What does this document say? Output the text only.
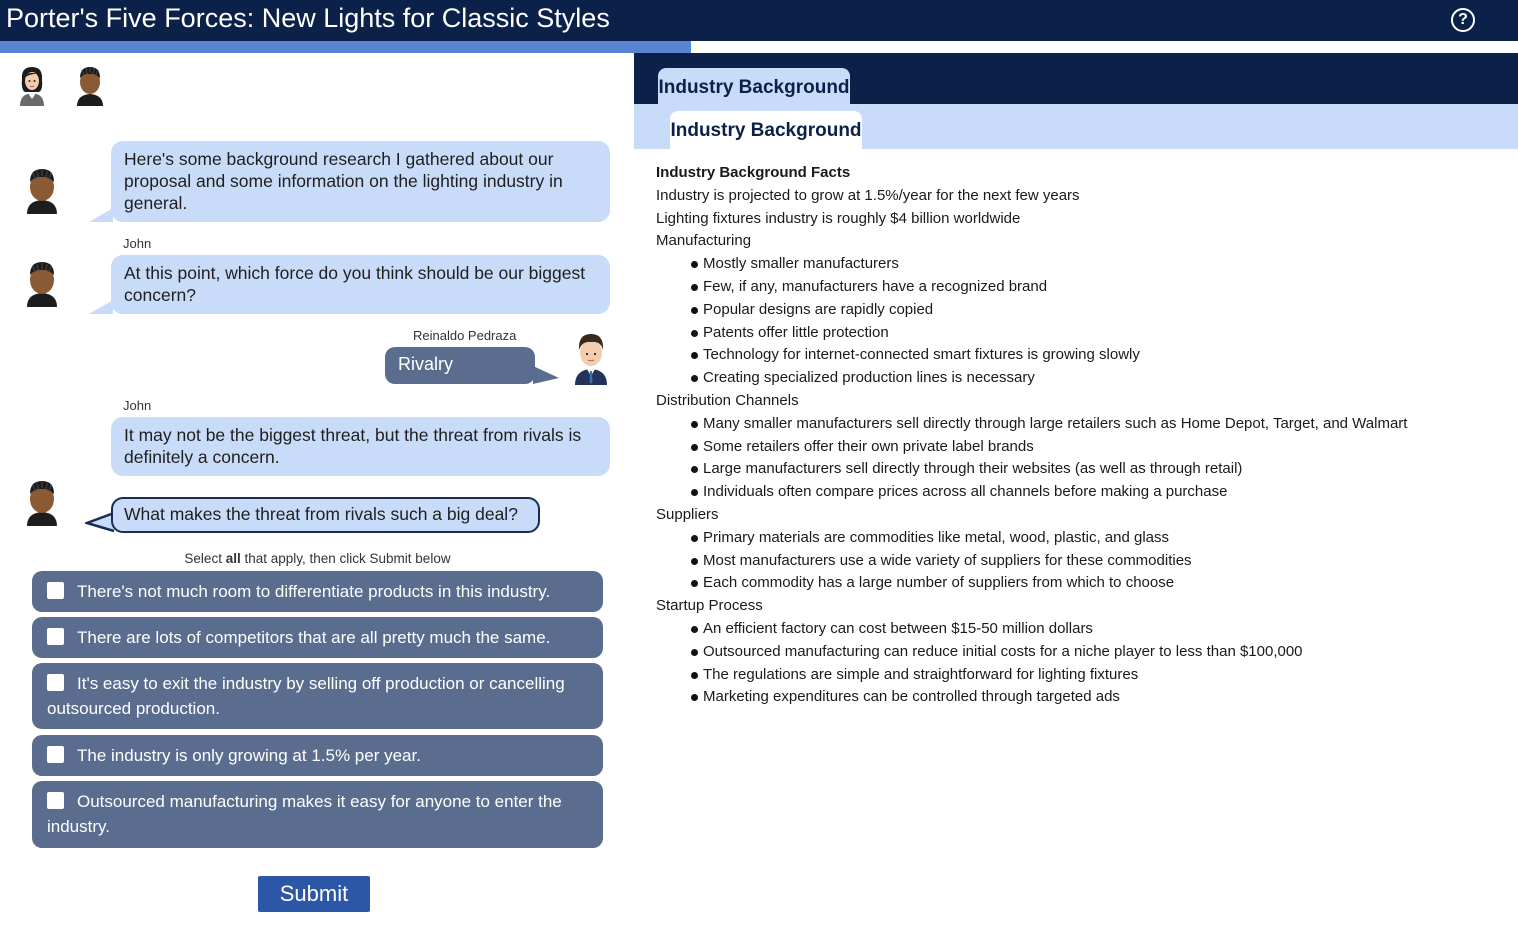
Porter's Five Forces: New Lights for Classic Styles	?
Here's some background research I gathered about our proposal and some information on the lighting industry in general.
John
At this point, which force do you think should be our biggest concern?
Reinaldo Pedraza
Rivalry
John
It may not be the biggest threat, but the threat from rivals is definitely a concern.
What makes the threat from rivals such a big deal?
Select all that apply, then click Submit below
There's not much room to differentiate products in this industry.
There are lots of competitors that are all pretty much the same.
It's easy to exit the industry by selling off production or cancelling outsourced production.
The industry is only growing at 1.5% per year.
Outsourced manufacturing makes it easy for anyone to enter the industry.
Submit
Industry Background
Industry Background
Industry Background Facts
Industry is projected to grow at 1.5%/year for the next few years
Lighting fixtures industry is roughly $4 billion worldwide
Manufacturing
Mostly smaller manufacturers
Few, if any, manufacturers have a recognized brand
Popular designs are rapidly copied
Patents offer little protection
Technology for internet-connected smart fixtures is growing slowly
Creating specialized production lines is necessary
Distribution Channels
Many smaller manufacturers sell directly through large retailers such as Home Depot, Target, and Walmart
Some retailers offer their own private label brands
Large manufacturers sell directly through their websites (as well as through retail)
Individuals often compare prices across all channels before making a purchase
Suppliers
Primary materials are commodities like metal, wood, plastic, and glass
Most manufacturers use a wide variety of suppliers for these commodities
Each commodity has a large number of suppliers from which to choose
Startup Process
An efficient factory can cost between $15-50 million dollars
Outsourced manufacturing can reduce initial costs for a niche player to less than $100,000
The regulations are simple and straightforward for lighting fixtures
Marketing expenditures can be controlled through targeted ads
